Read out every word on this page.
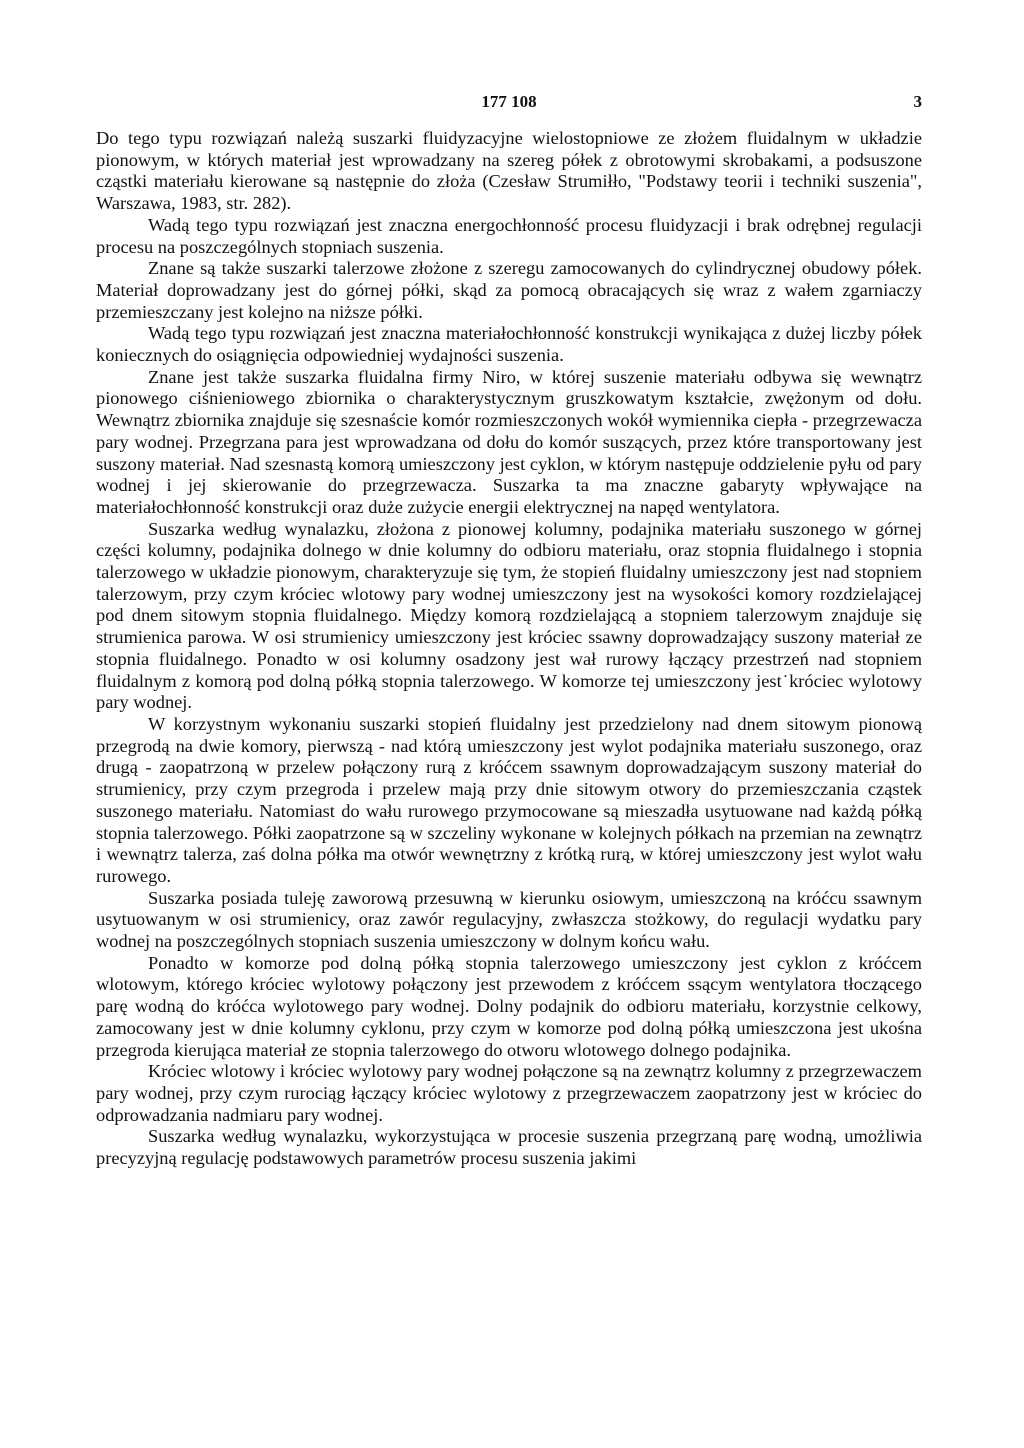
177 108	3

Do tego typu rozwiązań należą suszarki fluidyzacyjne wielostopniowe ze złożem fluidalnym w układzie pionowym, w których materiał jest wprowadzany na szereg półek z obrotowymi skrobakami, a podsuszone cząstki materiału kierowane są następnie do złoża (Czesław Strumiłło, "Podstawy teorii i techniki suszenia", Warszawa, 1983, str. 282).

Wadą tego typu rozwiązań jest znaczna energochłonność procesu fluidyzacji i brak odrębnej regulacji procesu na poszczególnych stopniach suszenia.

Znane są także suszarki talerzowe złożone z szeregu zamocowanych do cylindrycznej obudowy półek. Materiał doprowadzany jest do górnej półki, skąd za pomocą obracających się wraz z wałem zgarniaczy przemieszczany jest kolejno na niższe półki.

Wadą tego typu rozwiązań jest znaczna materiałochłonność konstrukcji wynikająca z dużej liczby półek koniecznych do osiągnięcia odpowiedniej wydajności suszenia.

Znane jest także suszarka fluidalna firmy Niro, w której suszenie materiału odbywa się wewnątrz pionowego ciśnieniowego zbiornika o charakterystycznym gruszkowatym kształcie, zwężonym od dołu. Wewnątrz zbiornika znajduje się szesnaście komór rozmieszczonych wokół wymiennika ciepła - przegrzewacza pary wodnej. Przegrzana para jest wprowadzana od dołu do komór suszących, przez które transportowany jest suszony materiał. Nad szesnastą komorą umieszczony jest cyklon, w którym następuje oddzielenie pyłu od pary wodnej i jej skierowanie do przegrzewacza. Suszarka ta ma znaczne gabaryty wpływające na materiałochłonność konstrukcji oraz duże zużycie energii elektrycznej na napęd wentylatora.

Suszarka według wynalazku, złożona z pionowej kolumny, podajnika materiału suszonego w górnej części kolumny, podajnika dolnego w dnie kolumny do odbioru materiału, oraz stopnia fluidalnego i stopnia talerzowego w układzie pionowym, charakteryzuje się tym, że stopień fluidalny umieszczony jest nad stopniem talerzowym, przy czym króciec wlotowy pary wodnej umieszczony jest na wysokości komory rozdzielającej pod dnem sitowym stopnia fluidalnego. Między komorą rozdzielającą a stopniem talerzowym znajduje się strumienica parowa. W osi strumienicy umieszczony jest króciec ssawny doprowadzający suszony materiał ze stopnia fluidalnego. Ponadto w osi kolumny osadzony jest wał rurowy łączący przestrzeń nad stopniem fluidalnym z komorą pod dolną półką stopnia talerzowego. W komorze tej umieszczony jest˙króciec wylotowy pary wodnej.

W korzystnym wykonaniu suszarki stopień fluidalny jest przedzielony nad dnem sitowym pionową przegrodą na dwie komory, pierwszą - nad którą umieszczony jest wylot podajnika materiału suszonego, oraz drugą - zaopatrzoną w przelew połączony rurą z króćcem ssawnym doprowadzającym suszony materiał do strumienicy, przy czym przegroda i przelew mają przy dnie sitowym otwory do przemieszczania cząstek suszonego materiału. Natomiast do wału rurowego przymocowane są mieszadła usytuowane nad każdą półką stopnia talerzowego. Półki zaopatrzone są w szczeliny wykonane w kolejnych półkach na przemian na zewnątrz i wewnątrz talerza, zaś dolna półka ma otwór wewnętrzny z krótką rurą, w której umieszczony jest wylot wału rurowego.

Suszarka posiada tuleję zaworową przesuwną w kierunku osiowym, umieszczoną na króćcu ssawnym usytuowanym w osi strumienicy, oraz zawór regulacyjny, zwłaszcza stożkowy, do regulacji wydatku pary wodnej na poszczególnych stopniach suszenia umieszczony w dolnym końcu wału.

Ponadto w komorze pod dolną półką stopnia talerzowego umieszczony jest cyklon z króćcem wlotowym, którego króciec wylotowy połączony jest przewodem z króćcem ssącym wentylatora tłoczącego parę wodną do króćca wylotowego pary wodnej. Dolny podajnik do odbioru materiału, korzystnie celkowy, zamocowany jest w dnie kolumny cyklonu, przy czym w komorze pod dolną półką umieszczona jest ukośna przegroda kierująca materiał ze stopnia talerzowego do otworu wlotowego dolnego podajnika.

Króciec wlotowy i króciec wylotowy pary wodnej połączone są na zewnątrz kolumny z przegrzewaczem pary wodnej, przy czym rurociąg łączący króciec wylotowy z przegrzewaczem zaopatrzony jest w króciec do odprowadzania nadmiaru pary wodnej.

Suszarka według wynalazku, wykorzystująca w procesie suszenia przegrzaną parę wodną, umożliwia precyzyjną regulację podstawowych parametrów procesu suszenia jakimi
